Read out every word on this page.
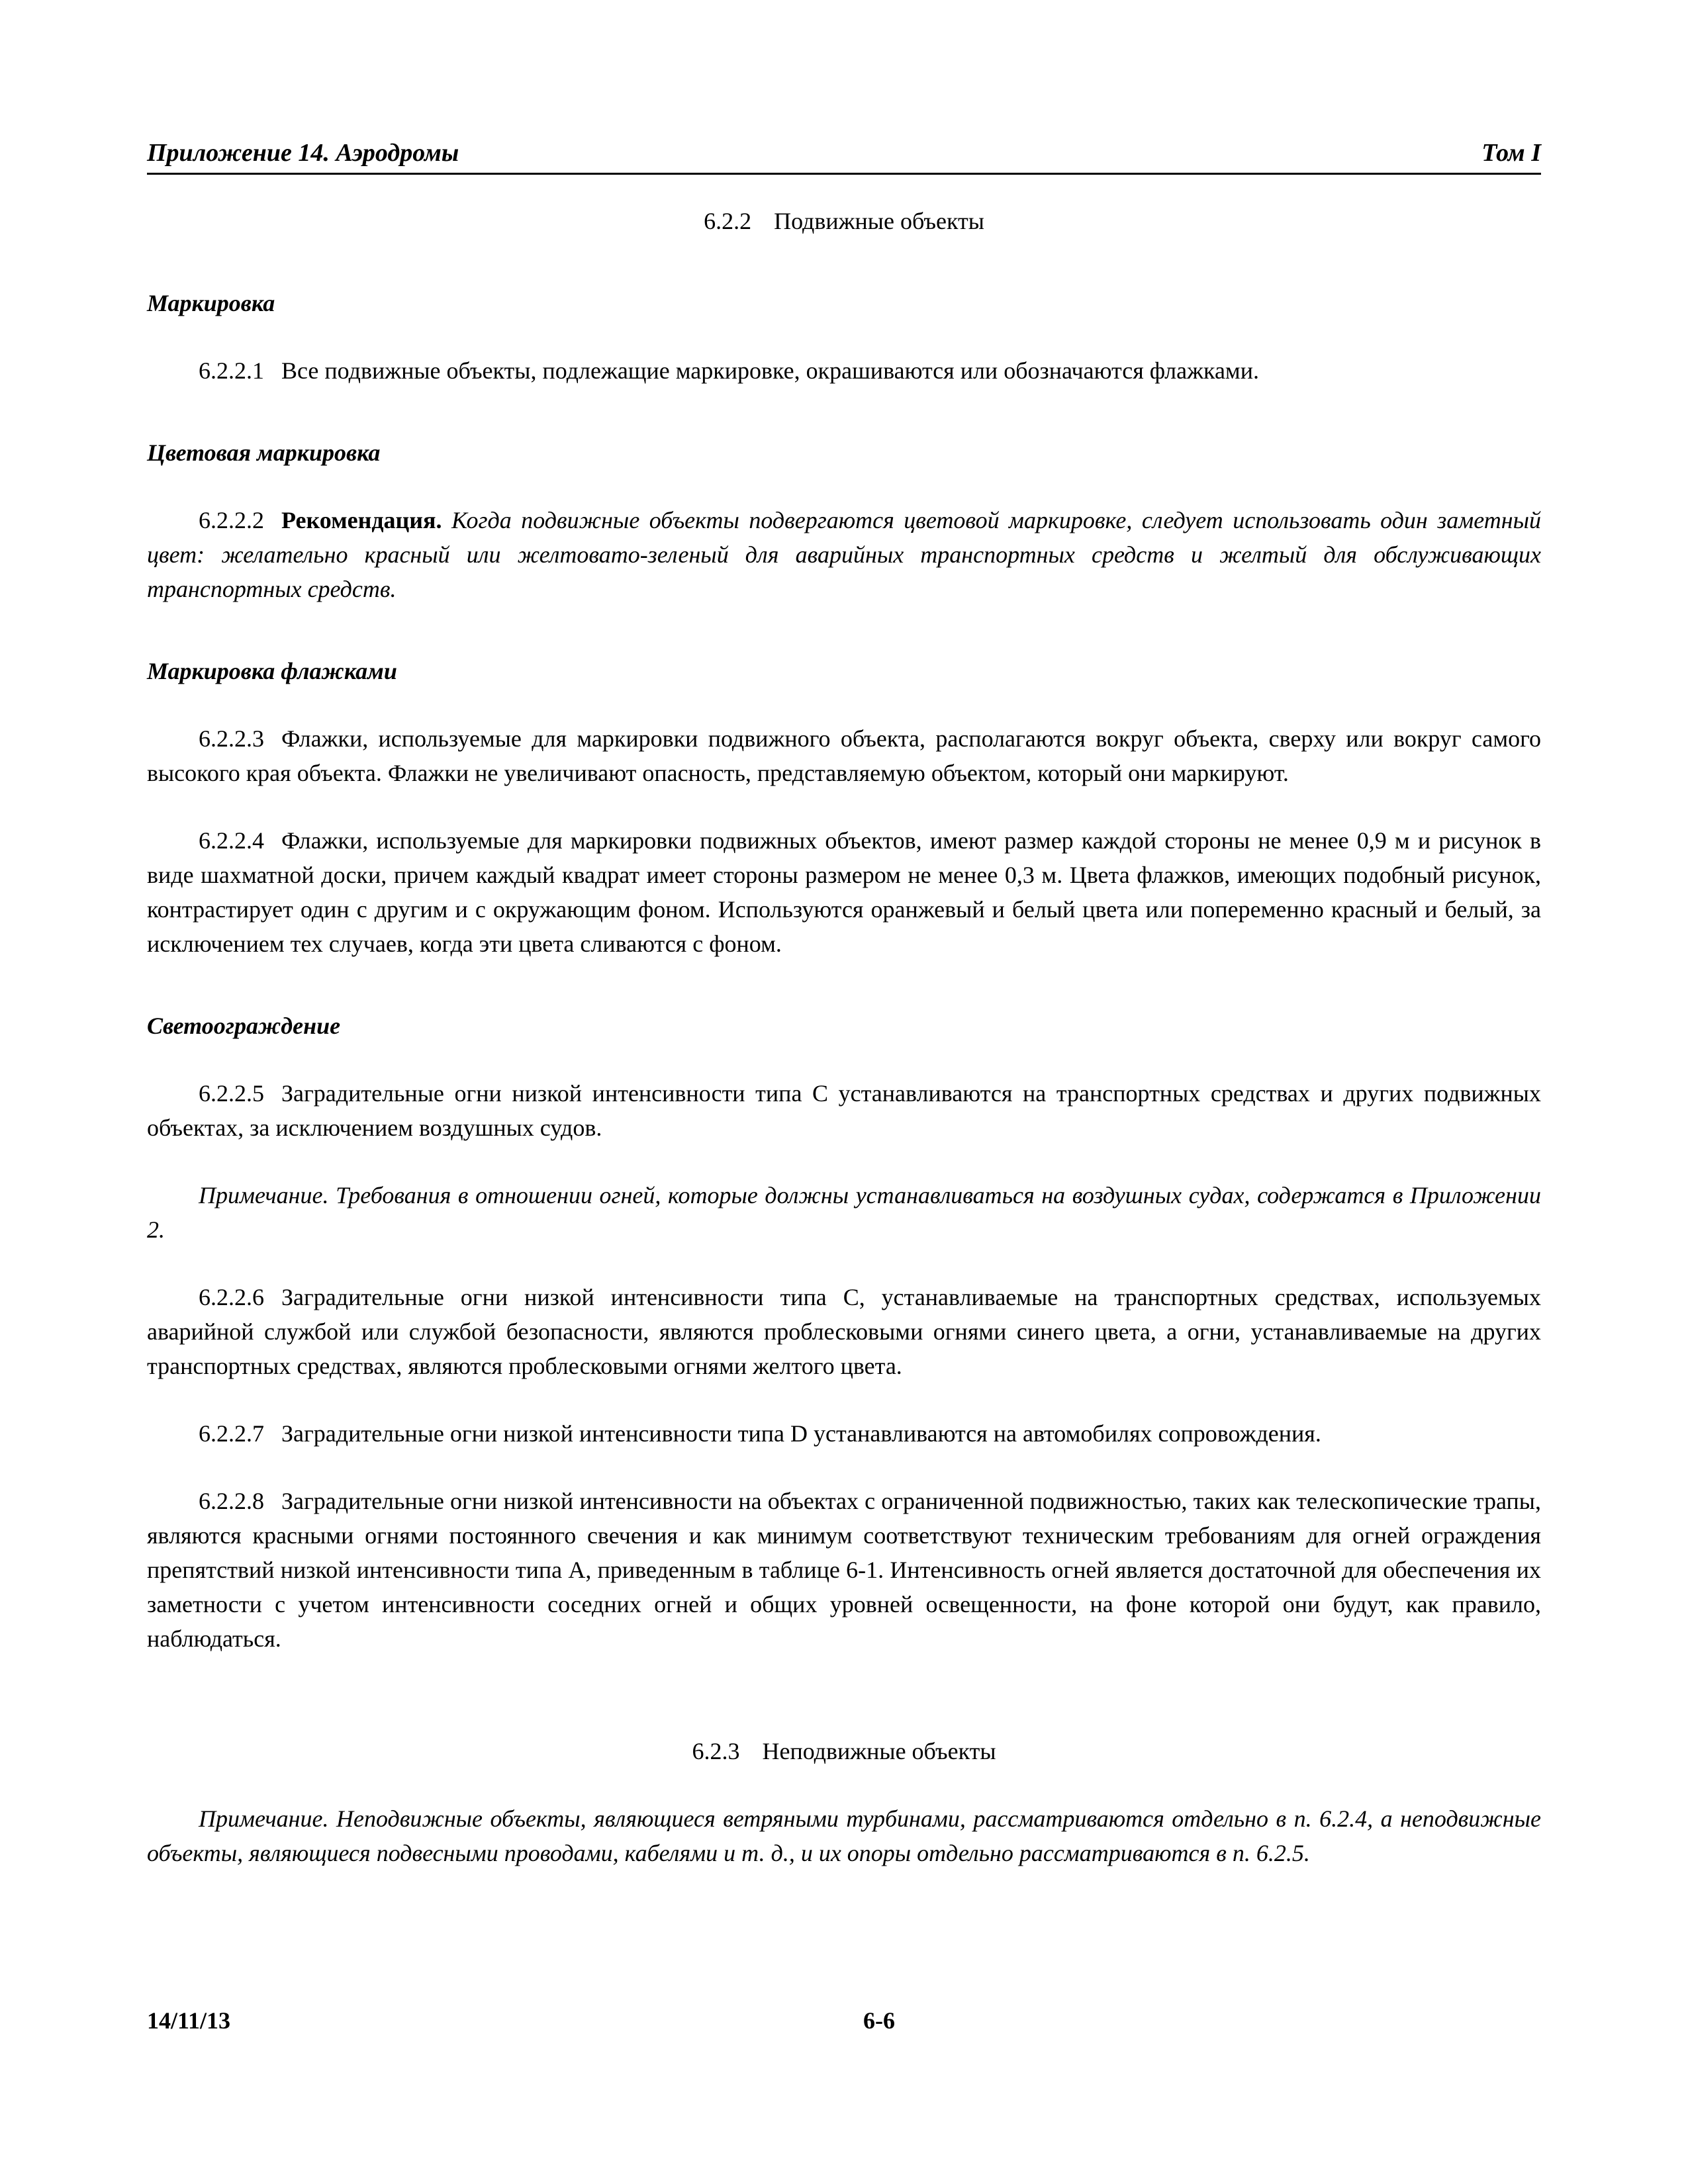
Приложение 14. Аэродромы	Том I
6.2.2 Подвижные объекты

Маркировка

6.2.2.1 Все подвижные объекты, подлежащие маркировке, окрашиваются или обозначаются флажками.

Цветовая маркировка

6.2.2.2 Рекомендация. Когда подвижные объекты подвергаются цветовой маркировке, следует использовать один заметный цвет: желательно красный или желтовато-зеленый для аварийных транспортных средств и желтый для обслуживающих транспортных средств.

Маркировка флажками

6.2.2.3 Флажки, используемые для маркировки подвижного объекта, располагаются вокруг объекта, сверху или вокруг самого высокого края объекта. Флажки не увеличивают опасность, представляемую объектом, который они маркируют.

6.2.2.4 Флажки, используемые для маркировки подвижных объектов, имеют размер каждой стороны не менее 0,9 м и рисунок в виде шахматной доски, причем каждый квадрат имеет стороны размером не менее 0,3 м. Цвета флажков, имеющих подобный рисунок, контрастирует один с другим и с окружающим фоном. Используются оранжевый и белый цвета или попеременно красный и белый, за исключением тех случаев, когда эти цвета сливаются с фоном.

Светоограждение

6.2.2.5 Заградительные огни низкой интенсивности типа С устанавливаются на транспортных средствах и других подвижных объектах, за исключением воздушных судов.

Примечание. Требования в отношении огней, которые должны устанавливаться на воздушных судах, содержатся в Приложении 2.

6.2.2.6 Заградительные огни низкой интенсивности типа C, устанавливаемые на транспортных средствах, используемых аварийной службой или службой безопасности, являются проблесковыми огнями синего цвета, а огни, устанавливаемые на других транспортных средствах, являются проблесковыми огнями желтого цвета.

6.2.2.7 Заградительные огни низкой интенсивности типа D устанавливаются на автомобилях сопровождения.

6.2.2.8 Заградительные огни низкой интенсивности на объектах с ограниченной подвижностью, таких как телескопические трапы, являются красными огнями постоянного свечения и как минимум соответствуют техническим требованиям для огней ограждения препятствий низкой интенсивности типа A, приведенным в таблице 6-1. Интенсивность огней является достаточной для обеспечения их заметности с учетом интенсивности соседних огней и общих уровней освещенности, на фоне которой они будут, как правило, наблюдаться.

6.2.3 Неподвижные объекты

Примечание. Неподвижные объекты, являющиеся ветряными турбинами, рассматриваются отдельно в п. 6.2.4, а неподвижные объекты, являющиеся подвесными проводами, кабелями и т. д., и их опоры отдельно рассматриваются в п. 6.2.5.

14/11/13	6-6
